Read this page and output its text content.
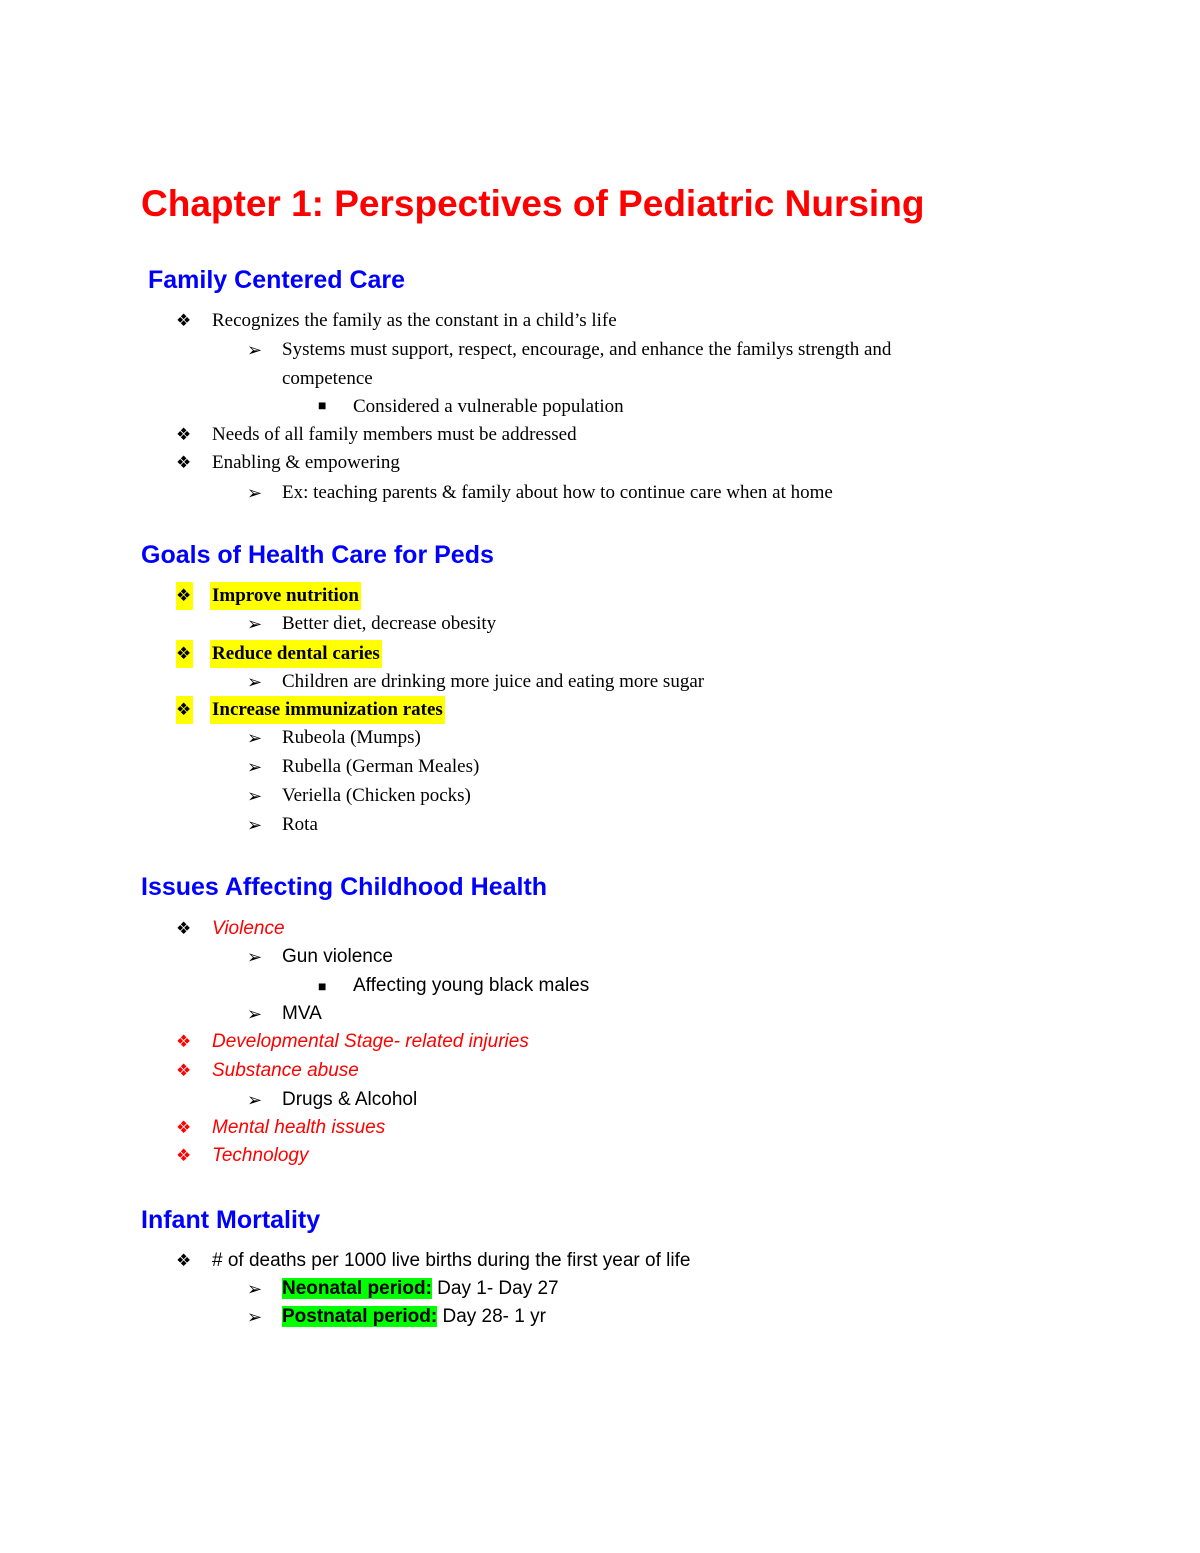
Chapter 1: Perspectives of Pediatric Nursing
Family Centered Care
❖ Recognizes the family as the constant in a child’s life
➢ Systems must support, respect, encourage, and enhance the familys strength and
competence
■ Considered a vulnerable population
❖ Needs of all family members must be addressed
❖ Enabling & empowering
➢ Ex: teaching parents & family about how to continue care when at home
Goals of Health Care for Peds
❖ Improve nutrition
➢ Better diet, decrease obesity
❖ Reduce dental caries
➢ Children are drinking more juice and eating more sugar
❖ Increase immunization rates
➢ Rubeola (Mumps)
➢ Rubella (German Meales)
➢ Veriella (Chicken pocks)
➢ Rota
Issues Affecting Childhood Health
❖ Violence
➢ Gun violence
■ Affecting young black males
➢ MVA
❖ Developmental Stage- related injuries
❖ Substance abuse
➢ Drugs & Alcohol
❖ Mental health issues
❖ Technology
Infant Mortality
❖ # of deaths per 1000 live births during the first year of life
➢ Neonatal period: Day 1- Day 27
➢ Postnatal period: Day 28- 1 yr
